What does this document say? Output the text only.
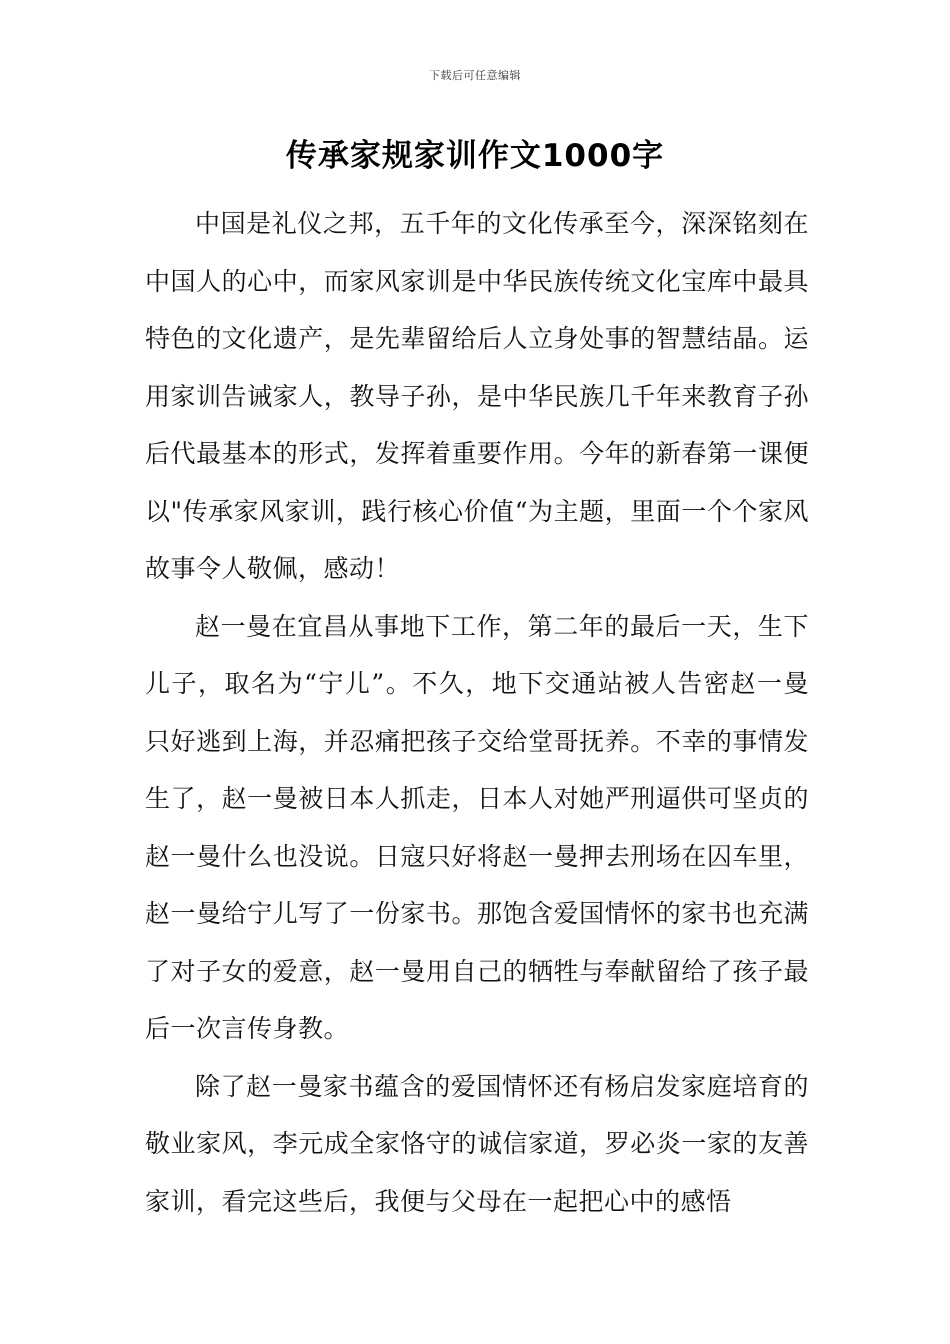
下载后可任意编辑
传承家规家训作文1000字

中国是礼仪之邦，五千年的文化传承至今，深深铭刻在中国人的心中，而家风家训是中华民族传统文化宝库中最具特色的文化遗产，是先辈留给后人立身处事的智慧结晶。运用家训告诫家人，教导子孙，是中华民族几千年来教育子孙后代最基本的形式，发挥着重要作用。今年的新春第一课便以"传承家风家训，践行核心价值“为主题，里面一个个家风故事令人敬佩，感动！

赵一曼在宜昌从事地下工作，第二年的最后一天，生下儿子，取名为“宁儿”。不久，地下交通站被人告密赵一曼只好逃到上海，并忍痛把孩子交给堂哥抚养。不幸的事情发生了，赵一曼被日本人抓走，日本人对她严刑逼供可坚贞的赵一曼什么也没说。日寇只好将赵一曼押去刑场在囚车里，赵一曼给宁儿写了一份家书。那饱含爱国情怀的家书也充满了对子女的爱意，赵一曼用自己的牺牲与奉献留给了孩子最后一次言传身教。

除了赵一曼家书蕴含的爱国情怀还有杨启发家庭培育的敬业家风，李元成全家恪守的诚信家道，罗必炎一家的友善家训，看完这些后，我便与父母在一起把心中的感悟
